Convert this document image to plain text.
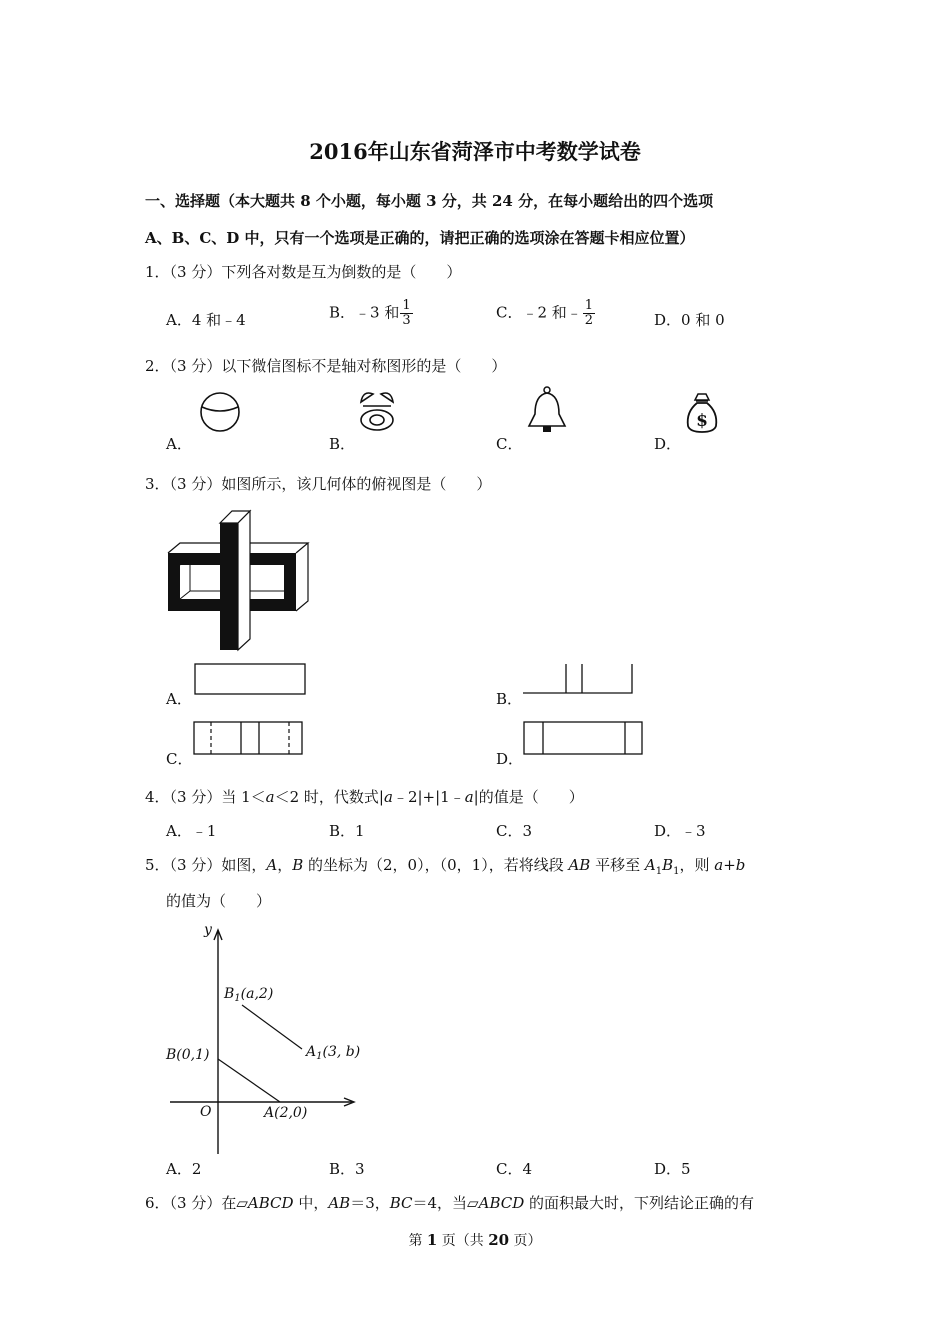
2016年山东省菏泽市中考数学试卷
一、选择题（本大题共 8 个小题，每小题 3 分，共 24 分，在每小题给出的四个选项
A、B、C、D 中，只有一个选项是正确的，请把正确的选项涂在答题卡相应位置）
1．（3 分）下列各对数是互为倒数的是（　　）
A．4 和﹣4	B．﹣3 和 $\frac{1}{3}$	C．﹣2 和﹣ $\frac{1}{2}$	D．0 和 0
2．（3 分）以下微信图标不是轴对称图形的是（　　）
A．	B．	C．
$
D．
3．（3 分）如图所示，该几何体的俯视图是（　　）
A．	B．
C．	D．
4．（3 分）当 1＜a＜2 时，代数式|a﹣2|+|1﹣a|的值是（　　）
A．﹣1	B．1	C．3	D．﹣3
5．（3 分）如图，A，B 的坐标为（2，0），（0，1），若将线段 AB 平移至 $A_1B_1$，则 a+b
的值为（　　）
y
O
$B_1(a,2)$
$A_1(3$, b)
B(0,1)
A(2,0)
A．2	B．3	C．4	D．5
6．（3 分）在▱ABCD 中，AB＝3，BC＝4，当▱ABCD 的面积最大时，下列结论正确的有
第 1 页（共 20 页）
